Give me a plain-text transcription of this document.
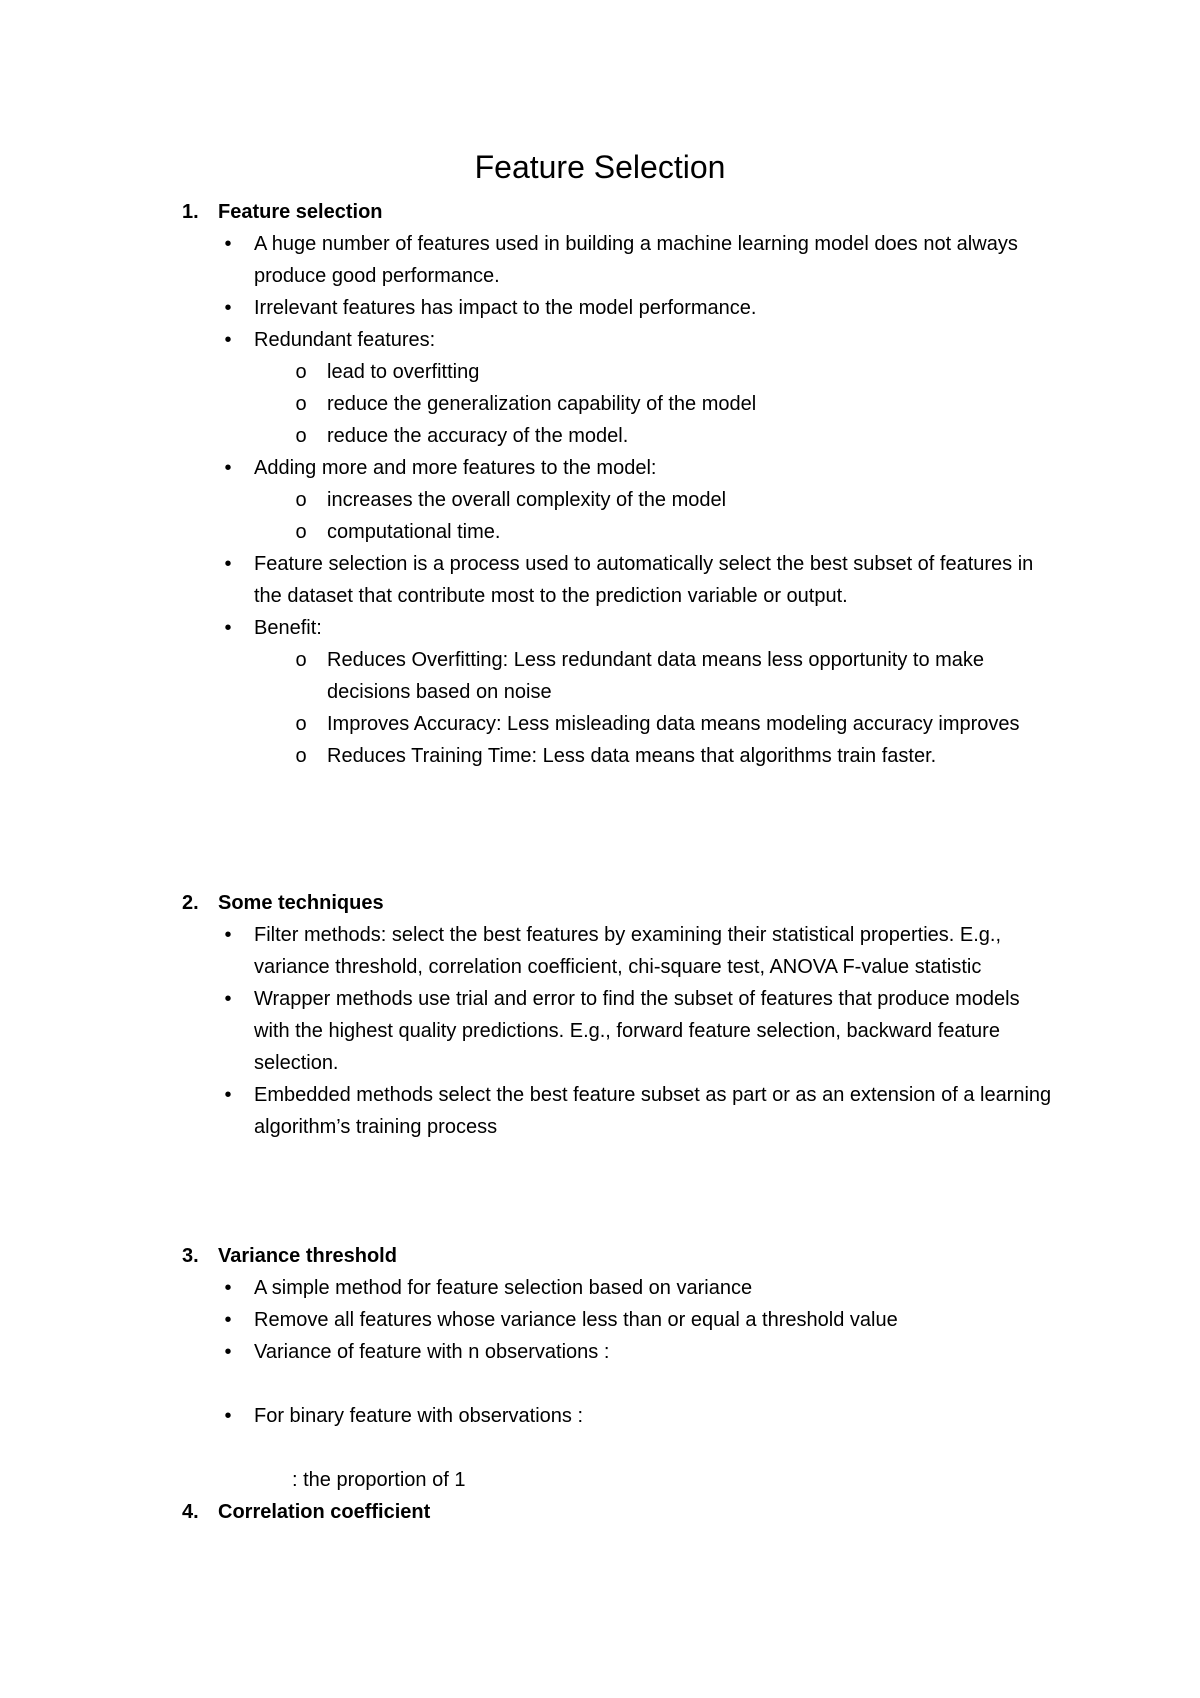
Feature Selection
1. Feature selection
•	A huge number of features used in building a machine learning model does not always produce good performance.
•	Irrelevant features has impact to the model performance.
•	Redundant features:
o lead to overfitting
o reduce the generalization capability of the model
o reduce the accuracy of the model.
•	Adding more and more features to the model:
o increases the overall complexity of the model
o computational time.
•	Feature selection is a process used to automatically select the best subset of features in the dataset that contribute most to the prediction variable or output.
•	Benefit:
o Reduces Overfitting: Less redundant data means less opportunity to make decisions based on noise
o Improves Accuracy: Less misleading data means modeling accuracy improves
o Reduces Training Time: Less data means that algorithms train faster.
2. Some techniques
•	Filter methods: select the best features by examining their statistical properties. E.g., variance threshold, correlation coefficient, chi-square test, ANOVA F-value statistic
•	Wrapper methods use trial and error to find the subset of features that produce models with the highest quality predictions. E.g., forward feature selection, backward feature selection.
•	Embedded methods select the best feature subset as part or as an extension of a learning algorithm’s training process
3. Variance threshold
•	A simple method for feature selection based on variance
•	Remove all features whose variance less than or equal a threshold value
•	Variance of feature with n observations :
•	For binary feature with observations :
: the proportion of 1
4. Correlation coefficient
